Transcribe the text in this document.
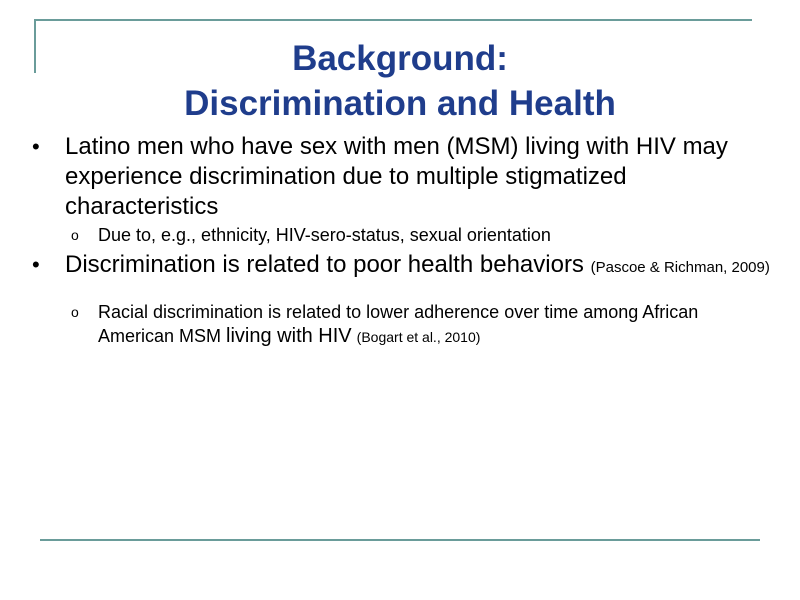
Background:
Discrimination and Health
• Latino men who have sex with men (MSM) living with HIV may experience discrimination due to multiple stigmatized characteristics
o Due to, e.g., ethnicity, HIV-sero-status, sexual orientation
• Discrimination is related to poor health behaviors (Pascoe & Richman, 2009)
o Racial discrimination is related to lower adherence over time among African American MSM living with HIV (Bogart et al., 2010)
